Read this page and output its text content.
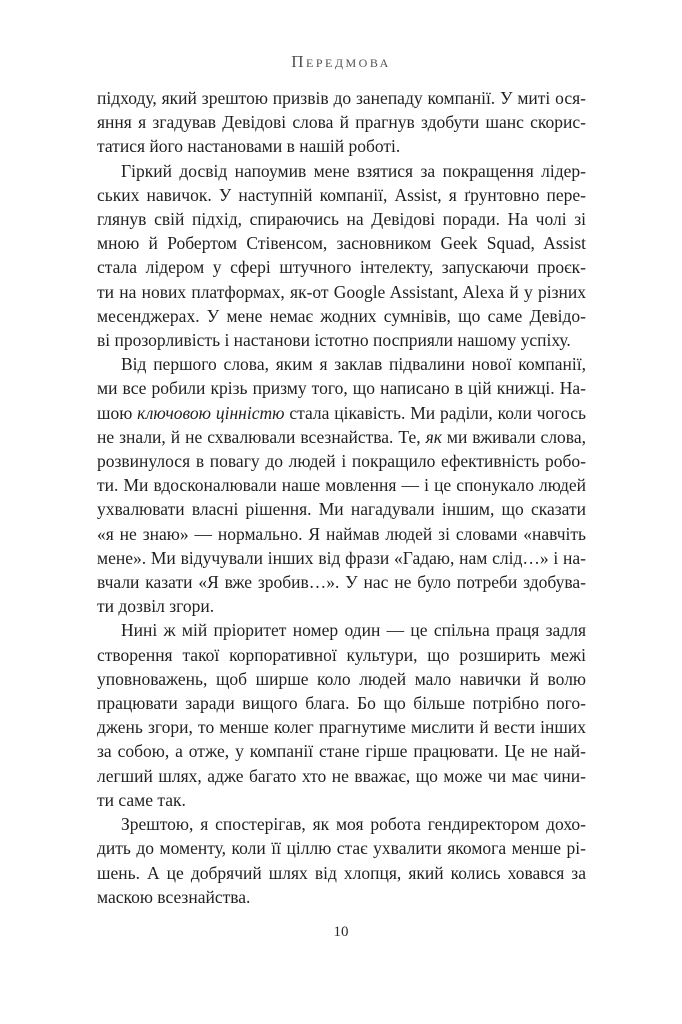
Передмова
підходу, який зрештою призвів до занепаду компанії. У миті ося-
яння я згадував Девідові слова й прагнув здобути шанс скорис-
татися його настановами в нашій роботі.
Гіркий досвід напоумив мене взятися за покращення лідер-
ських навичок. У наступній компанії, Assist, я ґрунтовно пере-
глянув свій підхід, спираючись на Девідові поради. На чолі зі
мною й Робертом Стівенсом, засновником Geek Squad, Assist
стала лідером у сфері штучного інтелекту, запускаючи проєк-
ти на нових платформах, як-от Google Assistant, Alexa й у різних
месенджерах. У мене немає жодних сумнівів, що саме Девідо-
ві прозорливість і настанови істотно посприяли нашому успіху.
Від першого слова, яким я заклав підвалини нової компанії,
ми все робили крізь призму того, що написано в цій книжці. На-
шою ключовою цінністю стала цікавість. Ми раділи, коли чогось
не знали, й не схвалювали всезнайства. Те, як ми вживали слова,
розвинулося в повагу до людей і покращило ефективність робо-
ти. Ми вдосконалювали наше мовлення — і це спонукало людей
ухвалювати власні рішення. Ми нагадували іншим, що сказати
«я не знаю» — нормально. Я наймав людей зі словами «навчіть
мене». Ми відучували інших від фрази «Гадаю, нам слід…» і на-
вчали казати «Я вже зробив…». У нас не було потреби здобува-
ти дозвіл згори.
Нині ж мій пріоритет номер один — це спільна праця задля
створення такої корпоративної культури, що розширить межі
уповноважень, щоб ширше коло людей мало навички й волю
працювати заради вищого блага. Бо що більше потрібно пого-
джень згори, то менше колег прагнутиме мислити й вести інших
за собою, а отже, у компанії стане гірше працювати. Це не най-
легший шлях, адже багато хто не вважає, що може чи має чини-
ти саме так.
Зрештою, я спостерігав, як моя робота гендиректором дохо-
дить до моменту, коли її ціллю стає ухвалити якомога менше рі-
шень. А це добрячий шлях від хлопця, який колись ховався за
маскою всезнайства.
10
